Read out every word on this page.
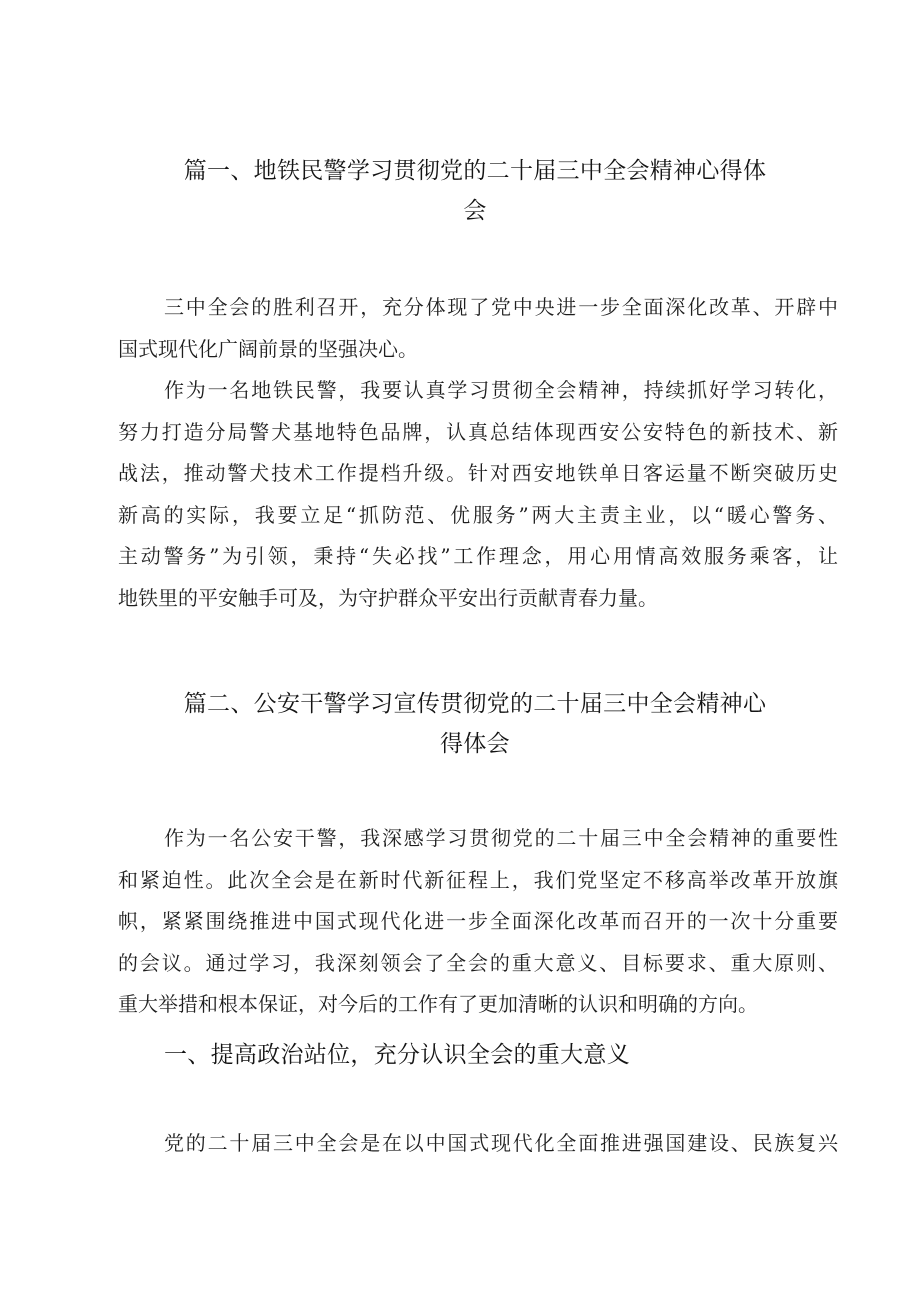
篇一、地铁民警学习贯彻党的二十届三中全会精神心得体
会
三中全会的胜利召开，充分体现了党中央进一步全面深化改革、开辟中
国式现代化广阔前景的坚强决心。
作为一名地铁民警，我要认真学习贯彻全会精神，持续抓好学习转化，
努力打造分局警犬基地特色品牌，认真总结体现西安公安特色的新技术、新
战法，推动警犬技术工作提档升级。针对西安地铁单日客运量不断突破历史
新高的实际，我要立足“抓防范、优服务”两大主责主业，以“暖心警务、
主动警务”为引领，秉持“失必找”工作理念，用心用情高效服务乘客，让
地铁里的平安触手可及，为守护群众平安出行贡献青春力量。
篇二、公安干警学习宣传贯彻党的二十届三中全会精神心
得体会
作为一名公安干警，我深感学习贯彻党的二十届三中全会精神的重要性
和紧迫性。此次全会是在新时代新征程上，我们党坚定不移高举改革开放旗
帜，紧紧围绕推进中国式现代化进一步全面深化改革而召开的一次十分重要
的会议。通过学习，我深刻领会了全会的重大意义、目标要求、重大原则、
重大举措和根本保证，对今后的工作有了更加清晰的认识和明确的方向。
一、提高政治站位，充分认识全会的重大意义
党的二十届三中全会是在以中国式现代化全面推进强国建设、民族复兴
